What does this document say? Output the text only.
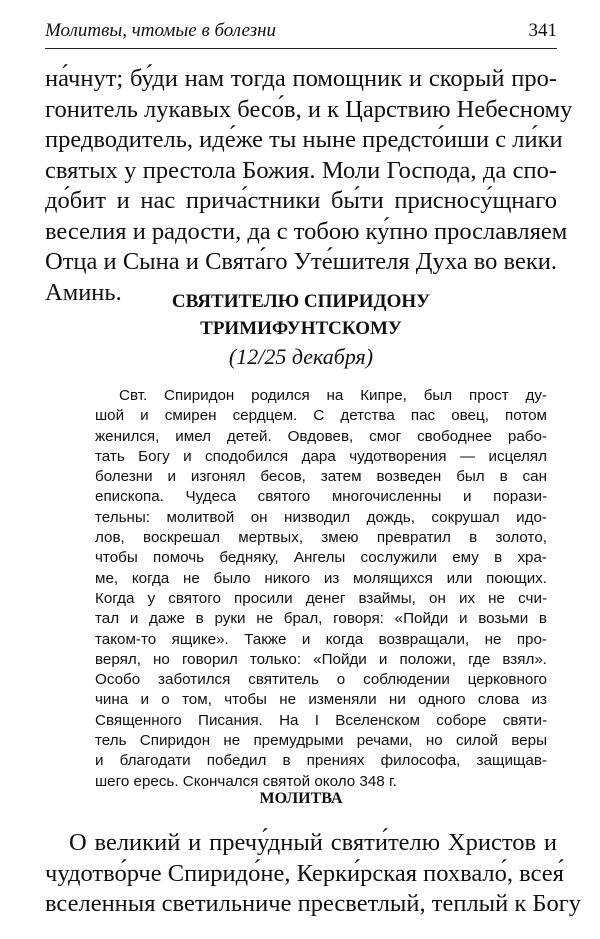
Молитвы, чтомые в болезни	341
на́чнут; бу́ди нам тогда помощник и скорый про-
гонитель лукавых бесо́в, и к Царствию Небесному
предводитель, иде́же ты ныне предсто́иши с ли́ки
святых у престола Божия. Моли Господа, да спо-
до́бит и нас прича́стники бы́ти присносу́щнаго
веселия и радости, да с тобою ку́пно прославляем
Отца и Сына и Свята́го Уте́шителя Духа во веки.
Аминь.	СВЯТИТЕЛЮ СПИРИДОНУ
ТРИМИФУНТСКОМУ
(12/25 декабря)
Свт. Спиридон родился на Кипре, был прост ду-
шой и смирен сердцем. С детства пас овец, потом
женился, имел детей. Овдовев, смог свободнее рабо-
тать Богу и сподобился дара чудотворения — исцелял
болезни и изгонял бесов, затем возведен был в сан
епископа. Чудеса святого многочисленны и порази-
тельны: молитвой он низводил дождь, сокрушал идо-
лов, воскрешал мертвых, змею превратил в золото,
чтобы помочь бедняку, Ангелы сослужили ему в хра-
ме, когда не было никого из молящихся или поющих.
Когда у святого просили денег взаймы, он их не счи-
тал и даже в руки не брал, говоря: «Пойди и возьми в
таком-то ящике». Также и когда возвращали, не про-
верял, но говорил только: «Пойди и положи, где взял».
Особо заботился святитель о соблюдении церковного
чина и о том, чтобы не изменяли ни одного слова из
Священного Писания. На I Вселенском соборе святи-
тель Спиридон не премудрыми речами, но силой веры
и благодати победил в прениях философа, защищав-
шего ересь. Скончался святой около 348 г.
МОЛИТВА
О великий и пречу́дный святи́телю Христов и
чудотво́рче Спиридо́не, Керки́рская похвало́, всея́
вселенныя светильниче пресветлый, теплый к Богу
